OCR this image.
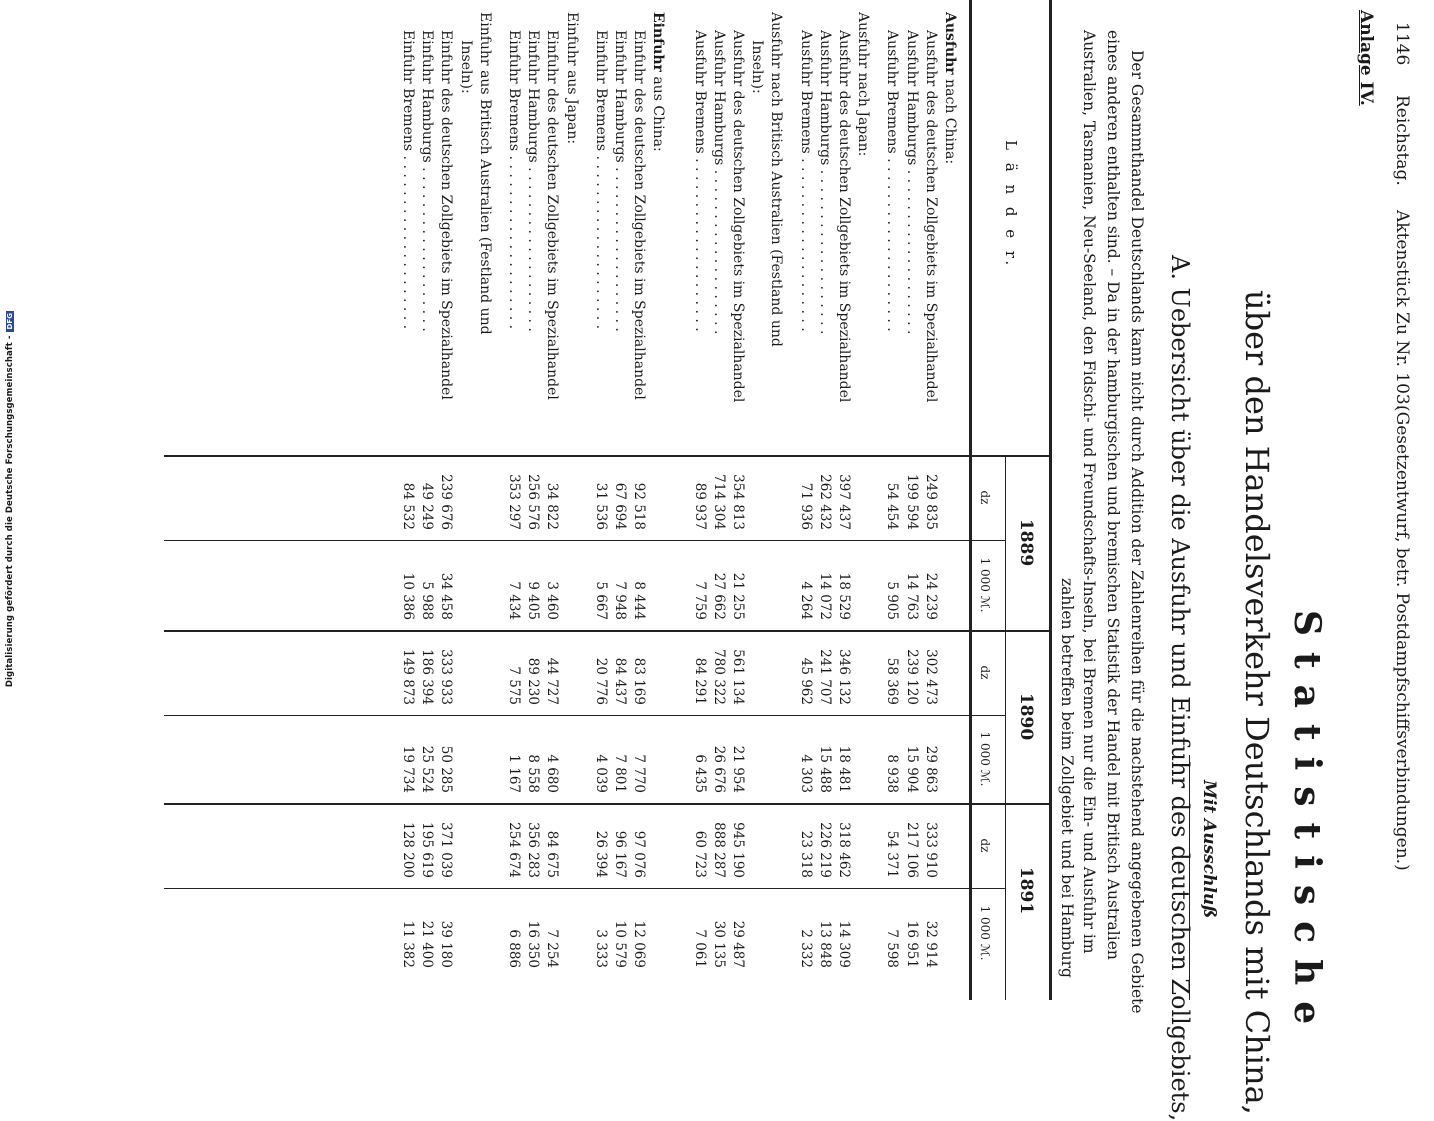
Digitalisierung gefördert durch die Deutsche Forschungsgemeinschaft -DFG
1146
Reichstag.
Aktenstück Zu Nr. 103.
(Gesetzentwurf, betr. Postdampfschiffsverbindungen.)
Anlage IV.
Statistische
über den Handelsverkehr Deutschlands mit China,
Mit Ausschluß
A. Uebersicht über die Ausfuhr und Einfuhr des deutschen Zollgebiets,
Der Gesammthandel Deutschlands kann nicht durch Addition der Zahlenreihen für die nachstehend angegebenen Gebiete
eines anderen enthalten sind. – Da in der hamburgischen und bremischen Statistik der Handel mit Britisch Australien
Australien, Tasmanien, Neu-Seeland, den Fidschi- und Freundschafts-Inseln, bei Bremen nur die Ein- und Ausfuhr im
zahlen betreffen beim Zollgebiet und bei Hamburg
L ä n d e r.
1889
dz
1 000 ℳ.
1890
dz
1 000 ℳ.
1891
dz
1 000 ℳ.
Ausfuhr nach China:
Ausfuhr des deutschen Zollgebiets im Spezialhandel
249 835
24 239
302 473
29 863
333 910
32 914
Ausfuhr Hamburgs . . . . . . . . . . . . . . . . . . .
199 594
14 763
239 120
15 904
217 106
16 951
Ausfuhr Bremens . . . . . . . . . . . . . . . . . . . .
54 454
5 905
58 369
8 938
54 371
7 598
Ausfuhr nach Japan:
Ausfuhr des deutschen Zollgebiets im Spezialhandel
397 437
18 529
346 132
18 481
318 462
14 309
Ausfuhr Hamburgs . . . . . . . . . . . . . . . . . . .
262 432
14 072
241 707
15 488
226 219
13 848
Ausfuhr Bremens . . . . . . . . . . . . . . . . . . . .
71 936
4 264
45 962
4 303
23 318
2 332
Ausfuhr nach Britisch Australien (Festland und
Inseln):
Ausfuhr des deutschen Zollgebiets im Spezialhandel
354 813
21 255
561 134
21 954
945 190
29 487
Ausfuhr Hamburgs . . . . . . . . . . . . . . . . . . .
714 304
27 662
780 322
26 676
888 287
30 135
Ausfuhr Bremens . . . . . . . . . . . . . . . . . . . .
89 937
7 759
84 291
6 435
60 723
7 061
Einfuhr aus China:
Einfuhr des deutschen Zollgebiets im Spezialhandel
92 518
8 444
83 169
7 770
97 076
12 069
Einfuhr Hamburgs . . . . . . . . . . . . . . . . . . .
67 694
7 948
84 437
7 801
96 167
10 579
Einfuhr Bremens . . . . . . . . . . . . . . . . . . . .
31 536
5 667
20 776
4 039
26 394
3 333
Einfuhr aus Japan:
Einfuhr des deutschen Zollgebiets im Spezialhandel
34 822
3 460
44 727
4 680
84 675
7 254
Einfuhr Hamburgs . . . . . . . . . . . . . . . . . . .
256 576
9 405
89 230
8 558
356 283
16 350
Einfuhr Bremens . . . . . . . . . . . . . . . . . . . .
353 297
7 434
7 575
1 167
254 674
6 886
Einfuhr aus Britisch Australien (Festland und
Inseln):
Einfuhr des deutschen Zollgebiets im Spezialhandel
239 676
34 458
333 933
50 285
371 039
39 180
Einfuhr Hamburgs . . . . . . . . . . . . . . . . . . .
49 249
5 988
186 394
25 524
195 619
21 400
Einfuhr Bremens . . . . . . . . . . . . . . . . . . . .
84 532
10 386
149 873
19 734
128 200
11 382
